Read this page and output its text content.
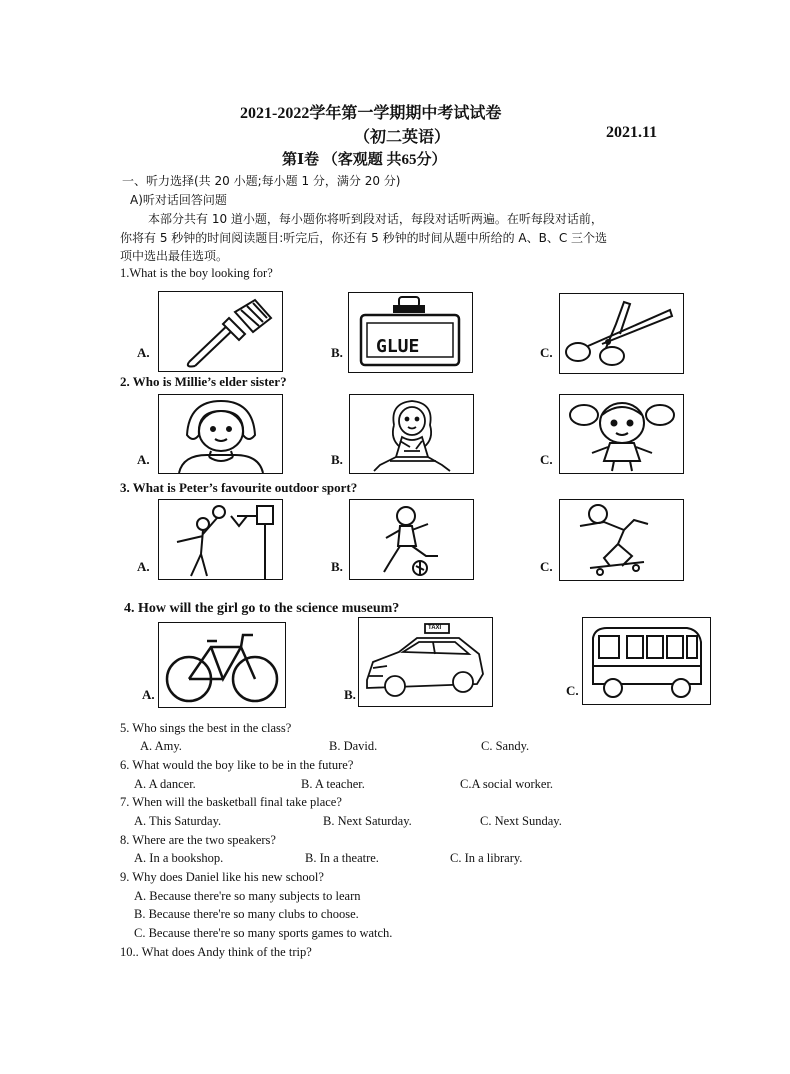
2021-2022学年第一学期期中考试试卷
（初二英语）	2021.11
第Ⅰ卷 （客观题 共65分）
一、听力选择(共 20 小题;每小题 1 分，满分 20 分)
A)听对话回答问题
本部分共有 10 道小题，每小题你将听到段对话，每段对话听两遍。在听每段对话前，
你将有 5 秒钟的时间阅读题目:听完后，你还有 5 秒钟的时间从题中所给的 A、B、C 三个选
项中选出最佳选项。
1.What is the boy looking for?
A.	B. GLUE	C.
2. Who is Millie’s elder sister?
A.	B.	C.
3. What is Peter’s favourite outdoor sport?
A.	B.	C.
4. How will the girl go to the science museum?
A.	B.
TAXI
C.
5. Who sings the best in the class?
A. Amy.	B. David.	C. Sandy.
6. What would the boy like to be in the future?
A. A dancer.	B. A teacher.	C.A social worker.
7. When will the basketball final take place?
A. This Saturday.	B. Next Saturday.	C. Next Sunday.
8. Where are the two speakers?
A. In a bookshop.	B. In a theatre.	C. In a library.
9. Why does Daniel like his new school?
A. Because there're so many subjects to learn
B. Because there're so many clubs to choose.
C. Because there're so many sports games to watch.
10.. What does Andy think of the trip?
